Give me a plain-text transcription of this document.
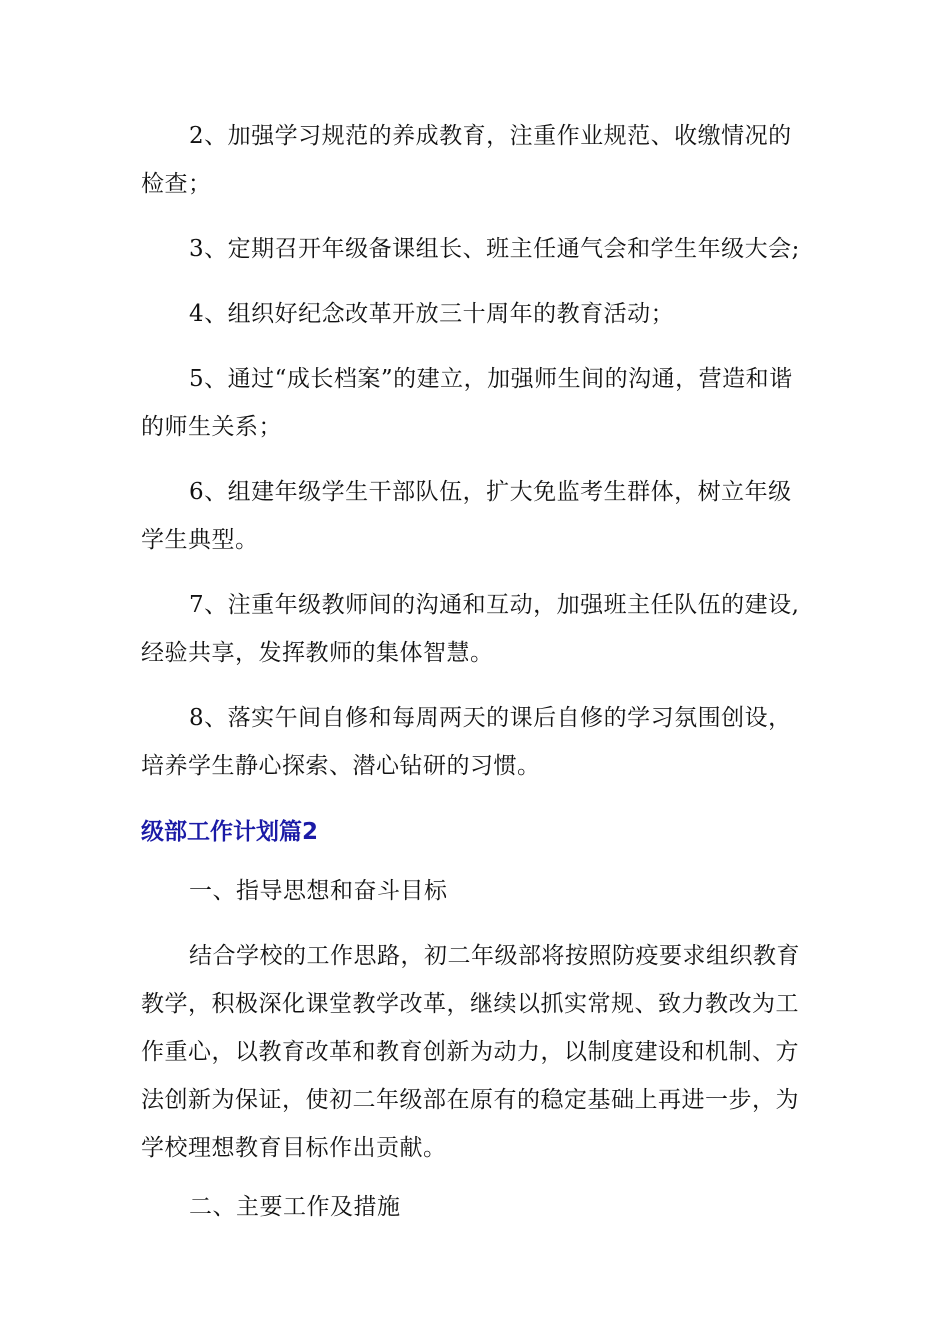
2、加强学习规范的养成教育，注重作业规范、收缴情况的检查；

3、定期召开年级备课组长、班主任通气会和学生年级大会;

4、组织好纪念改革开放三十周年的教育活动；

5、通过“成长档案”的建立，加强师生间的沟通，营造和谐的师生关系；

6、组建年级学生干部队伍，扩大免监考生群体，树立年级学生典型。

7、注重年级教师间的沟通和互动，加强班主任队伍的建设,经验共享，发挥教师的集体智慧。

8、落实午间自修和每周两天的课后自修的学习氛围创设，培养学生静心探索、潜心钻研的习惯。

级部工作计划篇2

一、指导思想和奋斗目标

结合学校的工作思路，初二年级部将按照防疫要求组织教育教学，积极深化课堂教学改革，继续以抓实常规、致力教改为工作重心，以教育改革和教育创新为动力，以制度建设和机制、方法创新为保证，使初二年级部在原有的稳定基础上再进一步，为学校理想教育目标作出贡献。

二、主要工作及措施
